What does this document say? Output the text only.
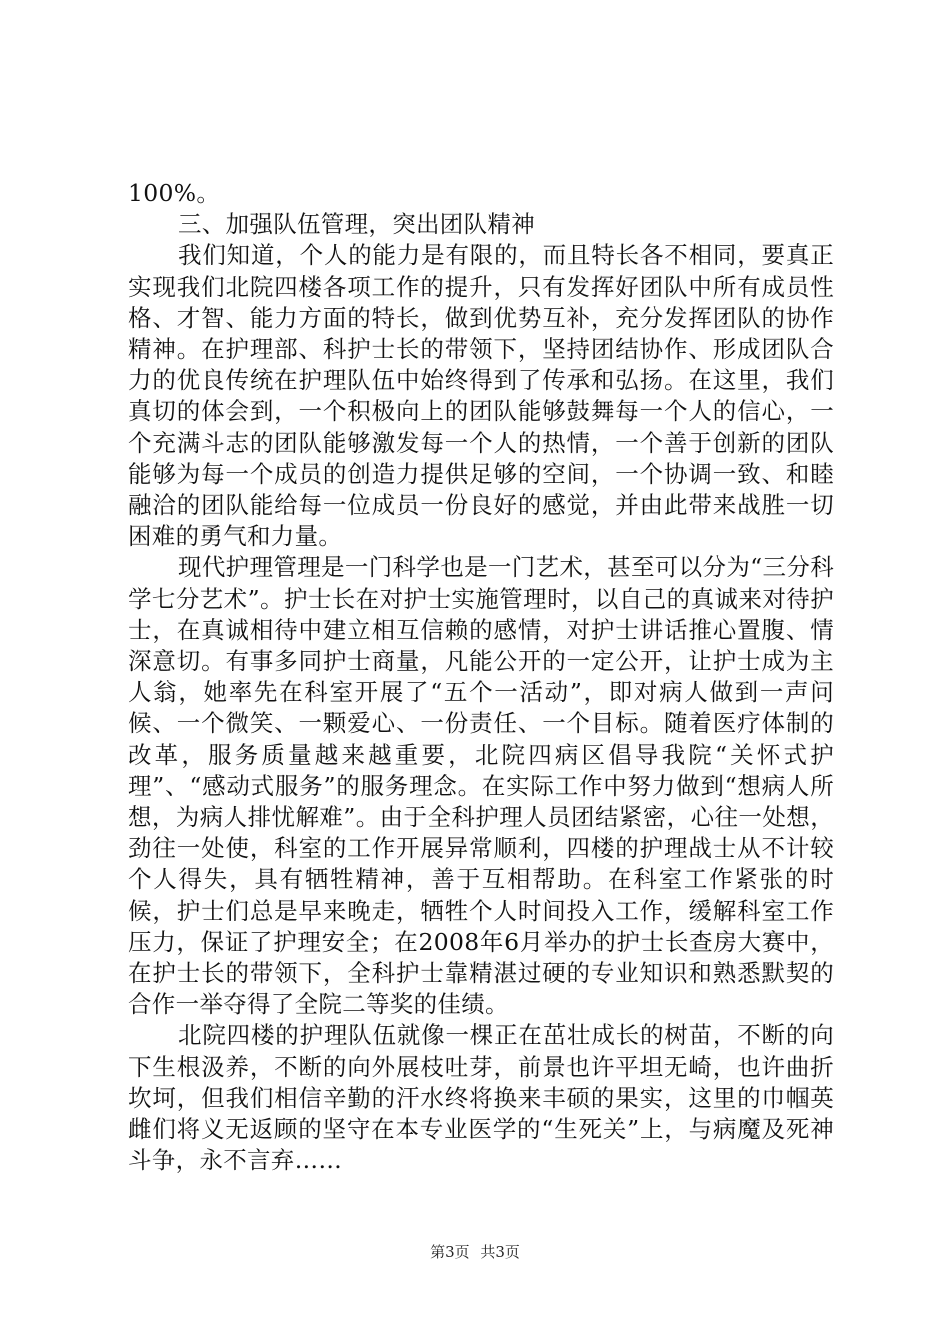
100%。

三、加强队伍管理，突出团队精神

我们知道，个人的能力是有限的，而且特长各不相同，要真正实现我们北院四楼各项工作的提升，只有发挥好团队中所有成员性格、才智、能力方面的特长，做到优势互补，充分发挥团队的协作精神。在护理部、科护士长的带领下，坚持团结协作、形成团队合力的优良传统在护理队伍中始终得到了传承和弘扬。在这里，我们真切的体会到，一个积极向上的团队能够鼓舞每一个人的信心，一个充满斗志的团队能够激发每一个人的热情，一个善于创新的团队能够为每一个成员的创造力提供足够的空间，一个协调一致、和睦融洽的团队能给每一位成员一份良好的感觉，并由此带来战胜一切困难的勇气和力量。

现代护理管理是一门科学也是一门艺术，甚至可以分为“三分科学七分艺术”。护士长在对护士实施管理时，以自己的真诚来对待护士，在真诚相待中建立相互信赖的感情，对护士讲话推心置腹、情深意切。有事多同护士商量，凡能公开的一定公开，让护士成为主人翁，她率先在科室开展了“五个一活动”，即对病人做到一声问候、一个微笑、一颗爱心、一份责任、一个目标。随着医疗体制的改革，服务质量越来越重要，北院四病区倡导我院“关怀式护理”、“感动式服务”的服务理念。在实际工作中努力做到“想病人所想，为病人排忧解难”。由于全科护理人员团结紧密，心往一处想，劲往一处使，科室的工作开展异常顺利，四楼的护理战士从不计较个人得失，具有牺牲精神，善于互相帮助。在科室工作紧张的时候，护士们总是早来晚走，牺牲个人时间投入工作，缓解科室工作压力，保证了护理安全；在2008年6月举办的护士长查房大赛中，在护士长的带领下，全科护士靠精湛过硬的专业知识和熟悉默契的合作一举夺得了全院二等奖的佳绩。

北院四楼的护理队伍就像一棵正在茁壮成长的树苗，不断的向下生根汲养，不断的向外展枝吐芽，前景也许平坦无崎，也许曲折坎坷，但我们相信辛勤的汗水终将换来丰硕的果实，这里的巾帼英雌们将义无返顾的坚守在本专业医学的“生死关”上，与病魔及死神斗争，永不言弃……

第3页 共3页
